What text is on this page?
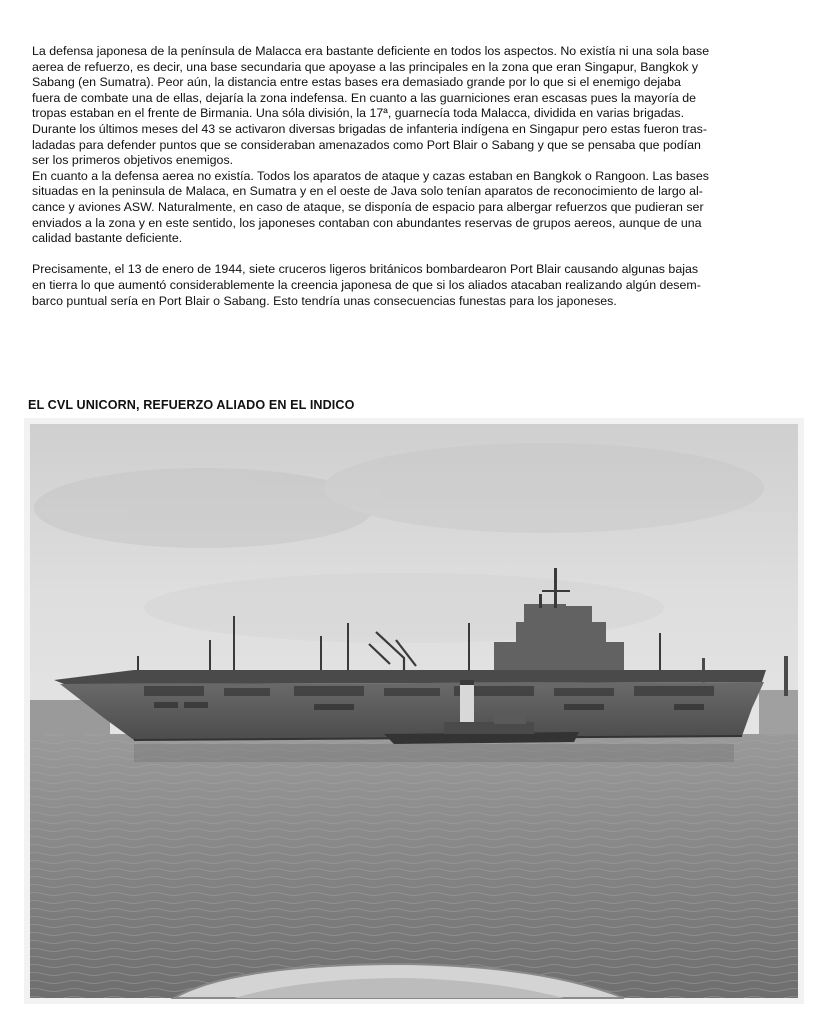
La defensa japonesa de la península de Malacca era bastante deficiente en todos los aspectos. No existía ni una sola base
aerea de refuerzo, es decir, una base secundaria que apoyase a las principales en la zona que eran Singapur, Bangkok y
Sabang (en Sumatra). Peor aún, la distancia entre estas bases era demasiado grande por lo que si el enemigo dejaba
fuera de combate una de ellas, dejaría la zona indefensa. En cuanto a las guarniciones eran escasas pues la mayoría de
tropas estaban en el frente de Birmania. Una sóla división, la 17ª, guarnecía toda Malacca, dividida en varias brigadas.
Durante los últimos meses del 43 se activaron diversas brigadas de infanteria indígena en Singapur pero estas fueron tras-
ladadas para defender puntos que se consideraban amenazados como Port Blair o Sabang y que se pensaba que podían
ser los primeros objetivos enemigos.

En cuanto a la defensa aerea no existía. Todos los aparatos de ataque y cazas estaban en Bangkok o Rangoon. Las bases
situadas en la peninsula de Malaca, en Sumatra y en el oeste de Java solo tenían aparatos de reconocimiento de largo al-
cance y aviones ASW. Naturalmente, en caso de ataque, se disponía de espacio para albergar refuerzos que pudieran ser
enviados a la zona y en este sentido, los japoneses contaban con abundantes reservas de grupos aereos, aunque de una
calidad bastante deficiente.

Precisamente, el 13 de enero de 1944, siete cruceros ligeros británicos bombardearon Port Blair causando algunas bajas
en tierra lo que aumentó considerablemente la creencia japonesa de que si los aliados atacaban realizando algún desem-
barco puntual sería en Port Blair o Sabang. Esto tendría unas consecuencias funestas para los japoneses.

EL CVL UNICORN, REFUERZO ALIADO EN EL INDICO
